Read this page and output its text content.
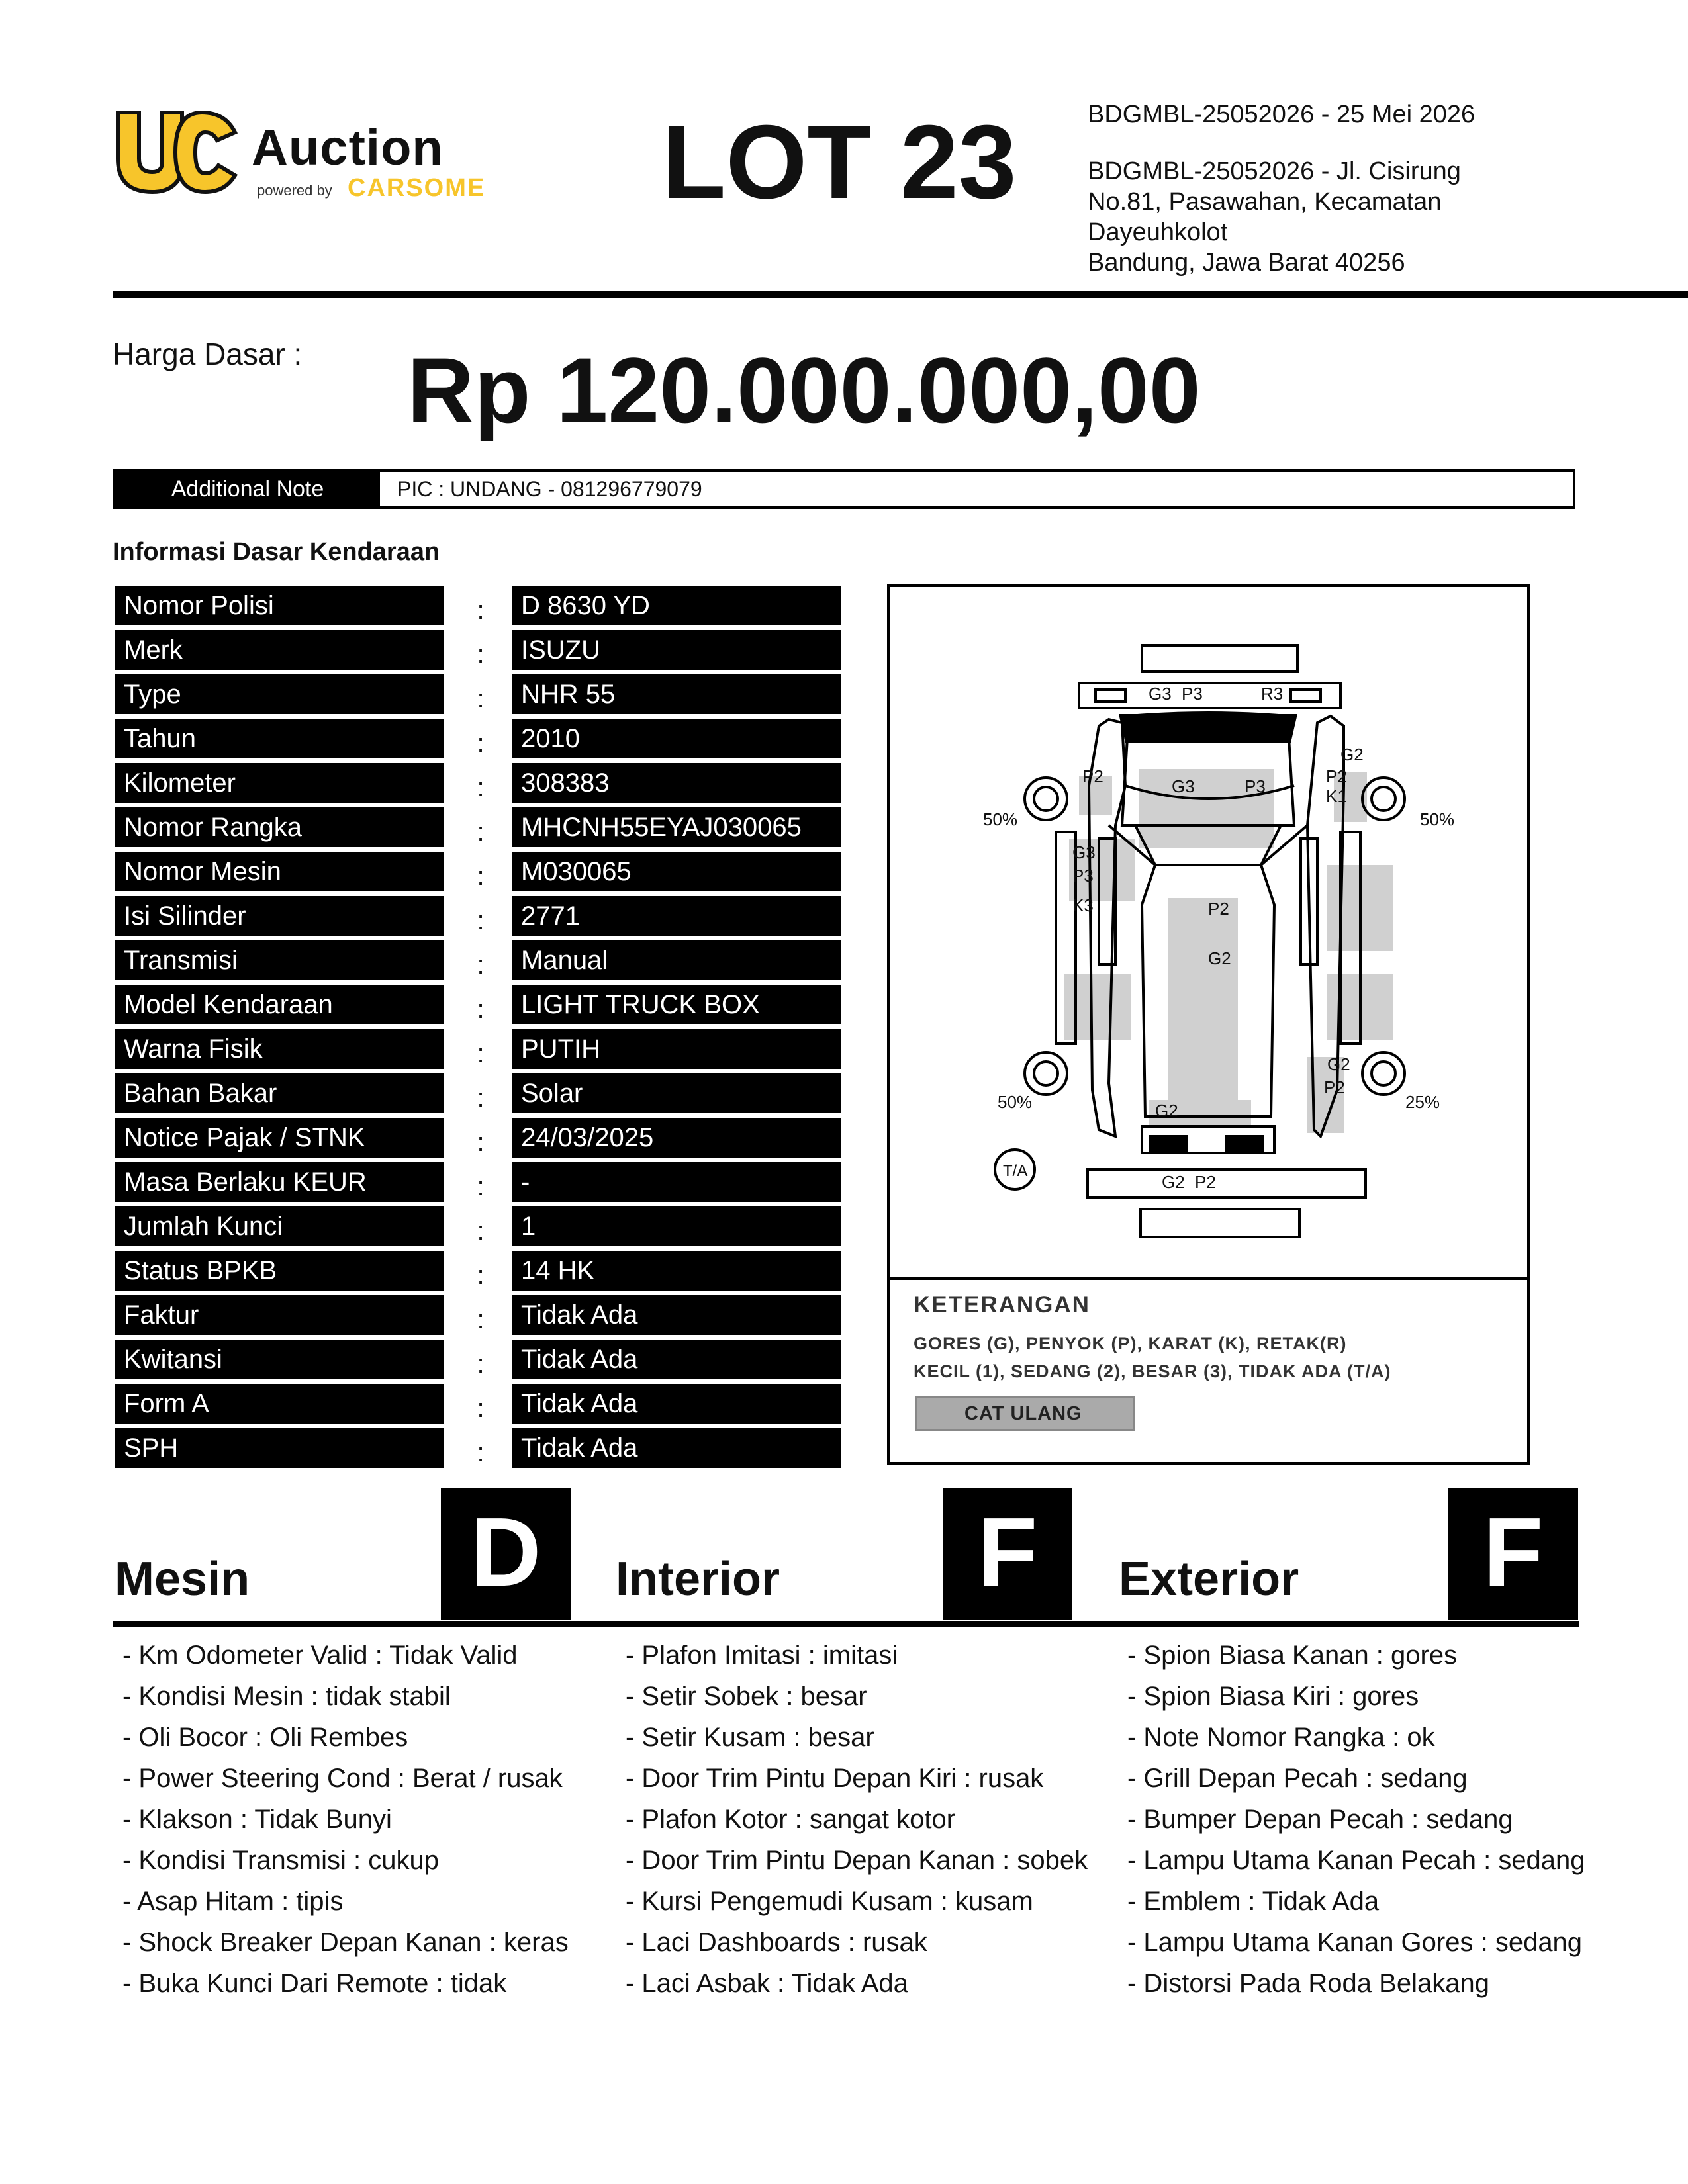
Auction
powered by CARSOME LOT 23	BDGMBL-25052026 - 25 Mei 2026
BDGMBL-25052026 - Jl. Cisirung
No.81, Pasawahan, Kecamatan
Dayeuhkolot
Bandung, Jawa Barat 40256
Harga Dasar : Rp 120.000.000,00
Additional Note	PIC : UNDANG - 081296779079
Informasi Dasar Kendaraan
Nomor Polisi	:	D 8630 YD
Merk	:	ISUZU
Type	:	NHR 55
Tahun	:	2010
Kilometer	:	308383
Nomor Rangka	:	MHCNH55EYAJ030065
Nomor Mesin	:	M030065
Isi Silinder	:	2771
Transmisi	:	Manual
Model Kendaraan	:	LIGHT TRUCK BOX
Warna Fisik	:	PUTIH
Bahan Bakar	:	Solar
Notice Pajak / STNK	:	24/03/2025
Masa Berlaku KEUR	:	-
Jumlah Kunci	:	1
Status BPKB	:	14 HK
Faktur	:	Tidak Ada
Kwitansi	:	Tidak Ada
Form A	:	Tidak Ada
SPH	:	Tidak Ada
G3 P3	R3
P2	G3	P3
G2
P2
K1
G3
P3
K3	P2
G2
G2
P2
G2
G2 P2
50%	50%
50%	25%
T/A
KETERANGAN
GORES (G), PENYOK (P), KARAT (K), RETAK(R)
KECIL (1), SEDANG (2), BESAR (3), TIDAK ADA (T/A)
CAT ULANG
Mesin	D	Interior	F	Exterior	F
- Km Odometer Valid : Tidak Valid
- Kondisi Mesin : tidak stabil
- Oli Bocor : Oli Rembes
- Power Steering Cond : Berat / rusak
- Klakson : Tidak Bunyi
- Kondisi Transmisi : cukup
- Asap Hitam : tipis
- Shock Breaker Depan Kanan : keras
- Buka Kunci Dari Remote : tidak
- Plafon Imitasi : imitasi
- Setir Sobek : besar
- Setir Kusam : besar
- Door Trim Pintu Depan Kiri : rusak
- Plafon Kotor : sangat kotor
- Door Trim Pintu Depan Kanan : sobek
- Kursi Pengemudi Kusam : kusam
- Laci Dashboards : rusak
- Laci Asbak : Tidak Ada
- Spion Biasa Kanan : gores
- Spion Biasa Kiri : gores
- Note Nomor Rangka : ok
- Grill Depan Pecah : sedang
- Bumper Depan Pecah : sedang
- Lampu Utama Kanan Pecah : sedang
- Emblem : Tidak Ada
- Lampu Utama Kanan Gores : sedang
- Distorsi Pada Roda Belakang
